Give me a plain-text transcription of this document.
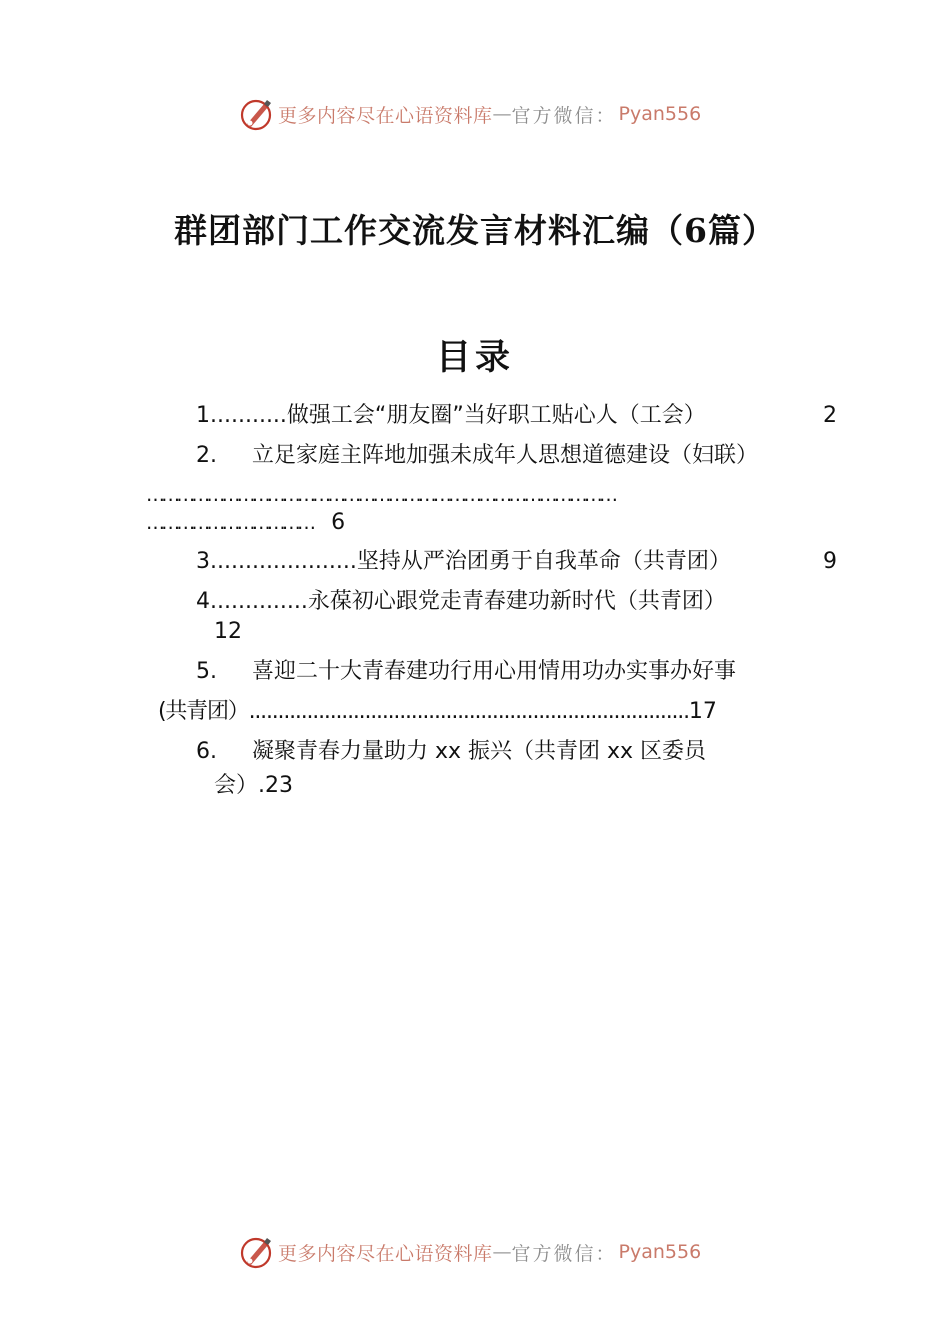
更多内容尽在心语资料库 — 官方微信： Pyan556
群团部门工作交流发言材料汇编（6篇）
目录
1...........做强工会“朋友圈”当好职工贴心人（工会）	2
2.     立足家庭主阵地加强未成年人思想道德建设（妇联）
…………………………………………………………………………………
…………………………… 6
3.....................坚持从严治团勇于自我革命（共青团）	9
4..............永葆初心跟党走青春建功新时代（共青团）
12
5.     喜迎二十大青春建功行用心用情用功办实事办好事
(共青团）............................................................................17
6.     凝聚青春力量助力 xx 振兴（共青团 xx 区委员
会）.23
更多内容尽在心语资料库 — 官方微信： Pyan556
